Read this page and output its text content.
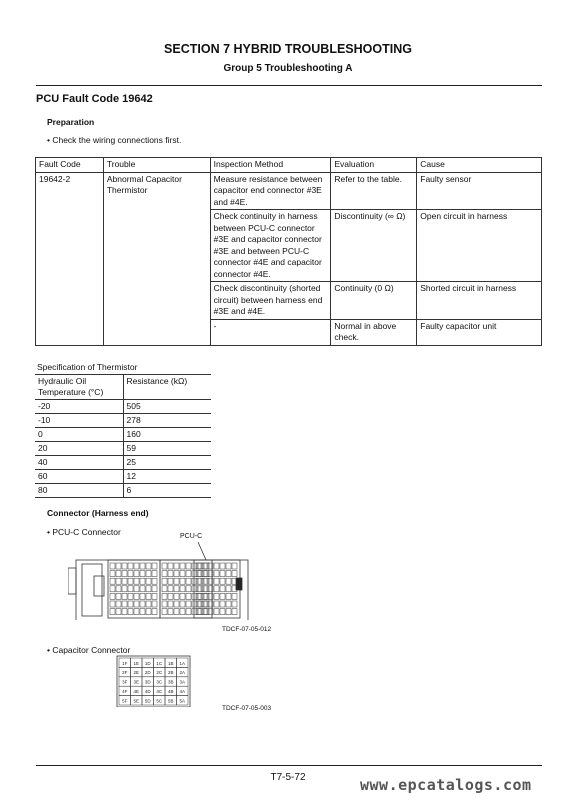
SECTION 7 HYBRID TROUBLESHOOTING
Group 5 Troubleshooting A
PCU Fault Code 19642
Preparation
• Check the wiring connections first.
Fault Code	Trouble	Inspection Method	Evaluation	Cause
19642-2	Abnormal Capacitor Thermistor	Measure resistance between capacitor end connector #3E and #4E.	Refer to the table.	Faulty sensor
		Check continuity in harness between PCU-C connector #3E and capacitor connector #3E and between PCU-C connector #4E and capacitor connector #4E.	Discontinuity (∞ Ω)	Open circuit in harness
		Check discontinuity (shorted circuit) between harness end #3E and #4E.	Continuity (0 Ω)	Shorted circuit in harness
		-	Normal in above check.	Faulty capacitor unit
Specification of Thermistor
Hydraulic Oil Temperature (°C)	Resistance (kΩ)
-20	505
-10	278
0	160
20	59
40	25
60	12
80	6
Connector (Harness end)
• PCU-C Connector	PCU-C
TDCF-07-05-012
• Capacitor Connector
1F 1E 1D 1C 1B 1A
2F 2E 2D 2C 2B 2A
3F 3E 3D 3C 3B 3A
4F 4E 4D 4C 4B 4A
5F 5E 5D 5C 5B 5A
TDCF-07-05-003
T7-5-72	www.epcatalogs.com
